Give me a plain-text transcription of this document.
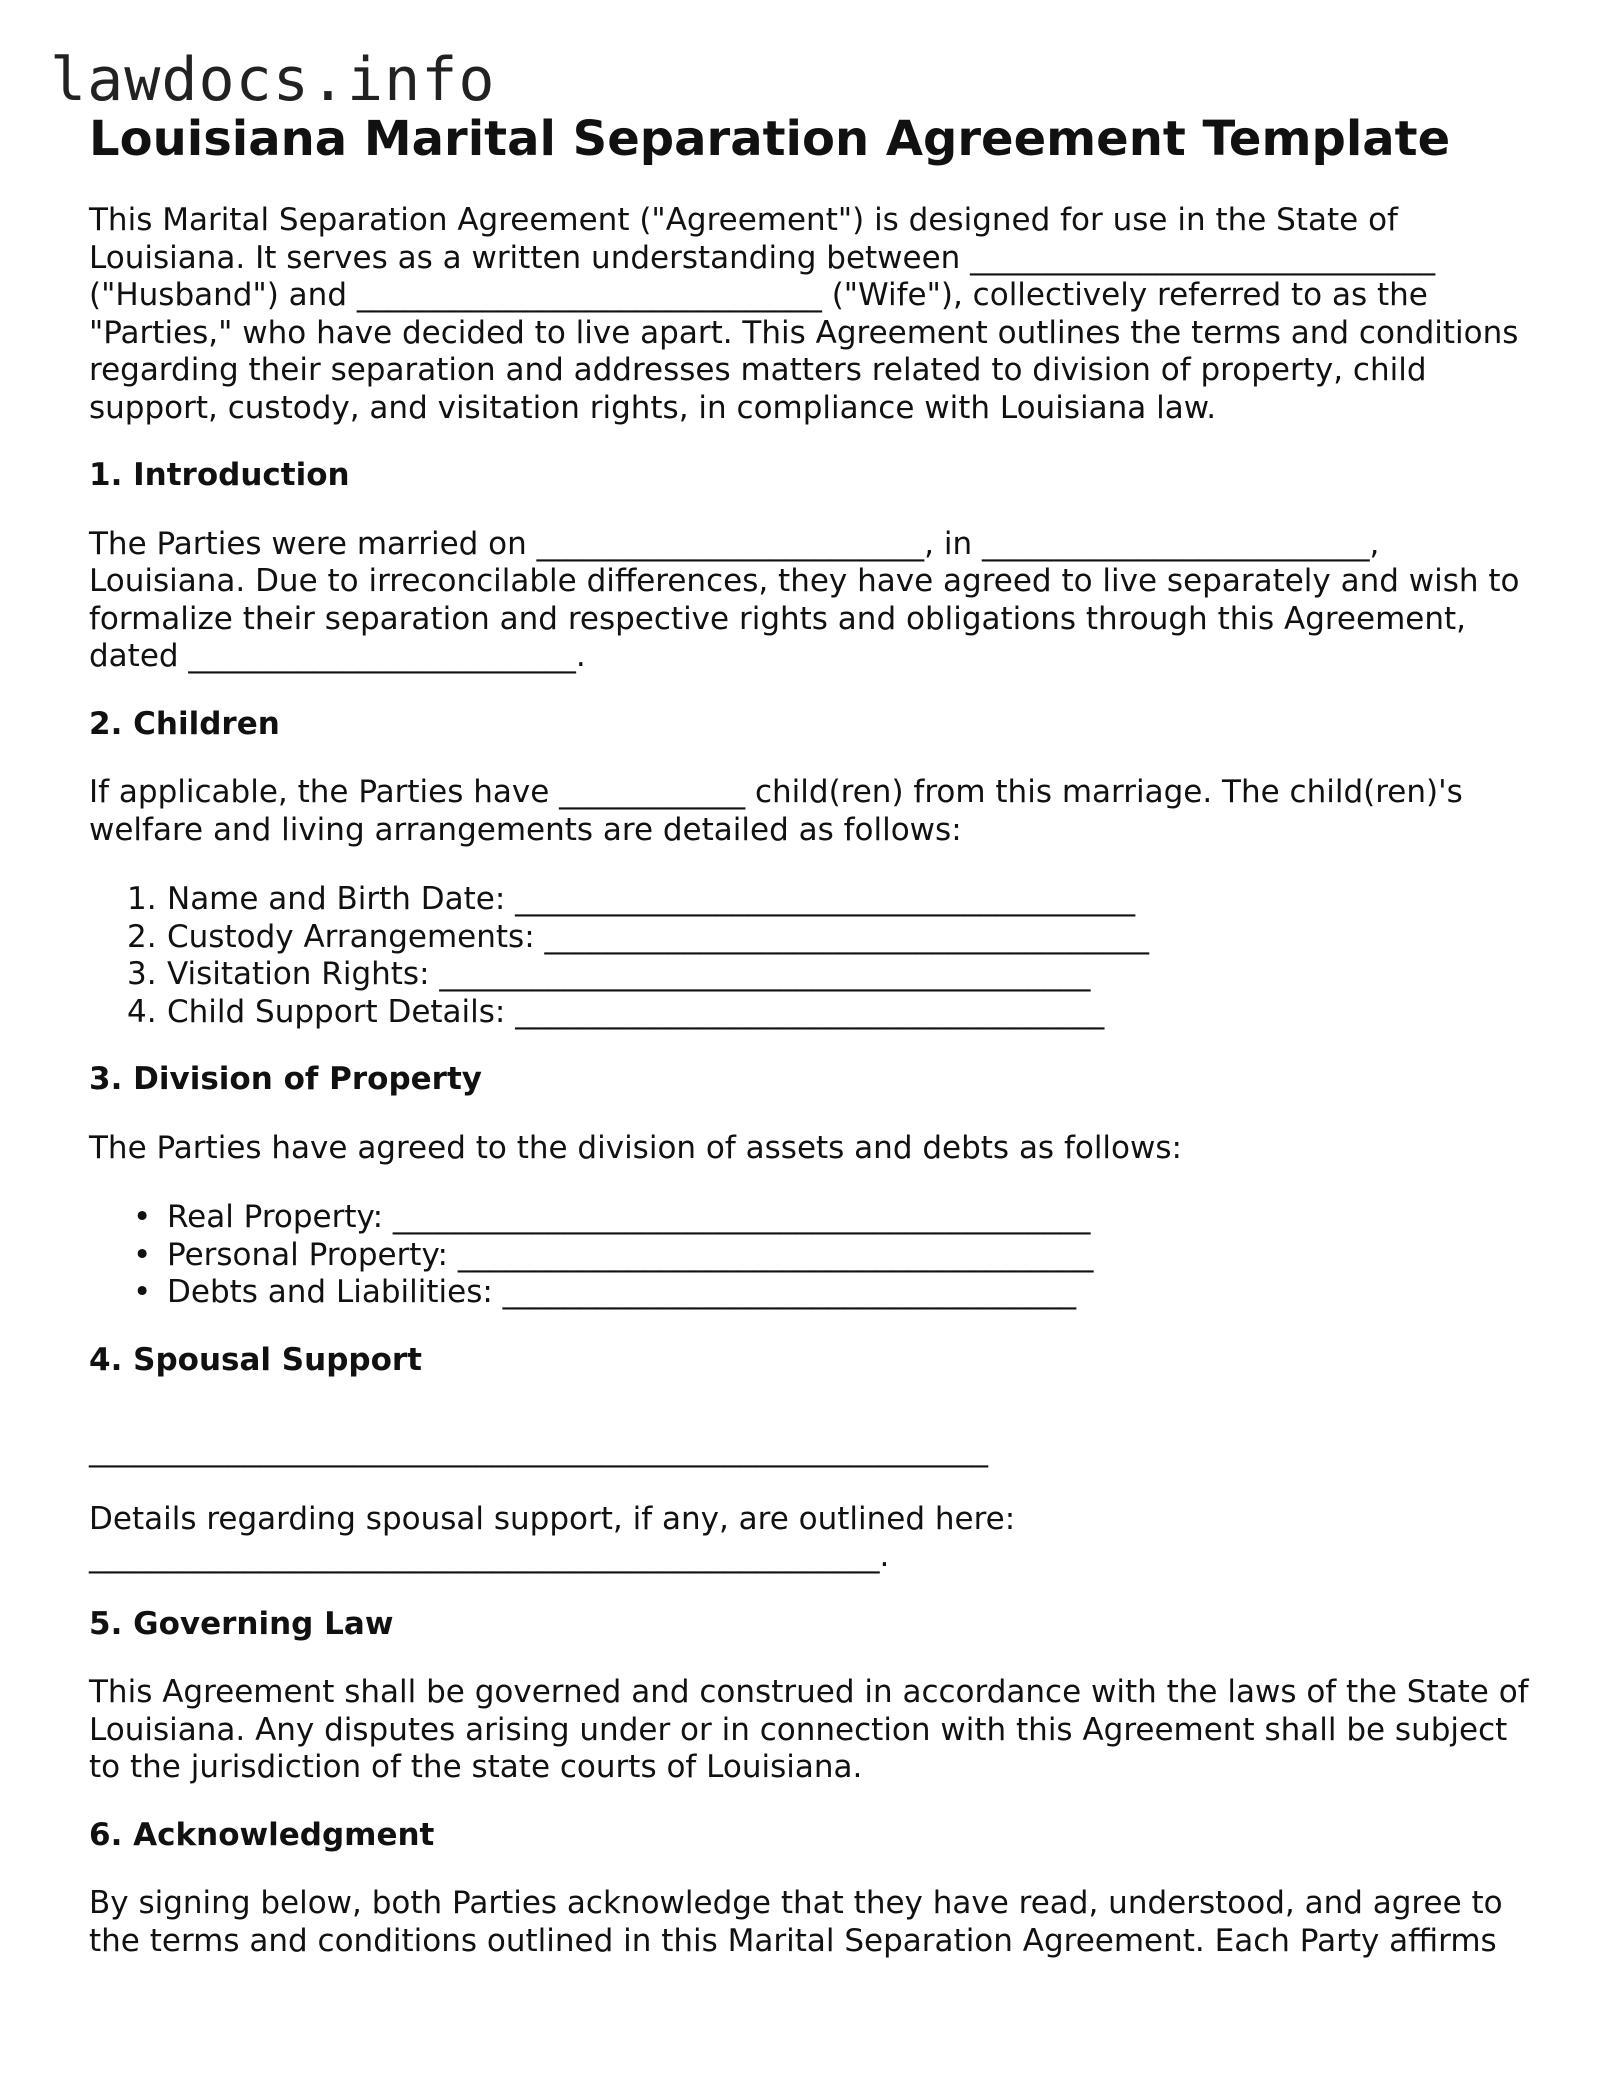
lawdocs.info
Louisiana Marital Separation Agreement Template

This Marital Separation Agreement ("Agreement") is designed for use in the State of Louisiana. It serves as a written understanding between ______________________________ ("Husband") and ______________________________ ("Wife"), collectively referred to as the "Parties," who have decided to live apart. This Agreement outlines the terms and conditions regarding their separation and addresses matters related to division of property, child support, custody, and visitation rights, in compliance with Louisiana law.

1. Introduction

The Parties were married on _________________________, in _________________________, Louisiana. Due to irreconcilable differences, they have agreed to live separately and wish to formalize their separation and respective rights and obligations through this Agreement, dated _________________________.

2. Children

If applicable, the Parties have ____________ child(ren) from this marriage. The child(ren)'s welfare and living arrangements are detailed as follows:

1. Name and Birth Date: ________________________________________
2. Custody Arrangements: _______________________________________
3. Visitation Rights: __________________________________________
4. Child Support Details: ______________________________________
3. Division of Property

The Parties have agreed to the division of assets and debts as follows:

• Real Property: _____________________________________________
• Personal Property: _________________________________________
• Debts and Liabilities: _____________________________________
4. Spousal Support

__________________________________________________________

Details regarding spousal support, if any, are outlined here: ___________________________________________________.

5. Governing Law

This Agreement shall be governed and construed in accordance with the laws of the State of Louisiana. Any disputes arising under or in connection with this Agreement shall be subject to the jurisdiction of the state courts of Louisiana.

6. Acknowledgment

By signing below, both Parties acknowledge that they have read, understood, and agree to the terms and conditions outlined in this Marital Separation Agreement. Each Party affirms
